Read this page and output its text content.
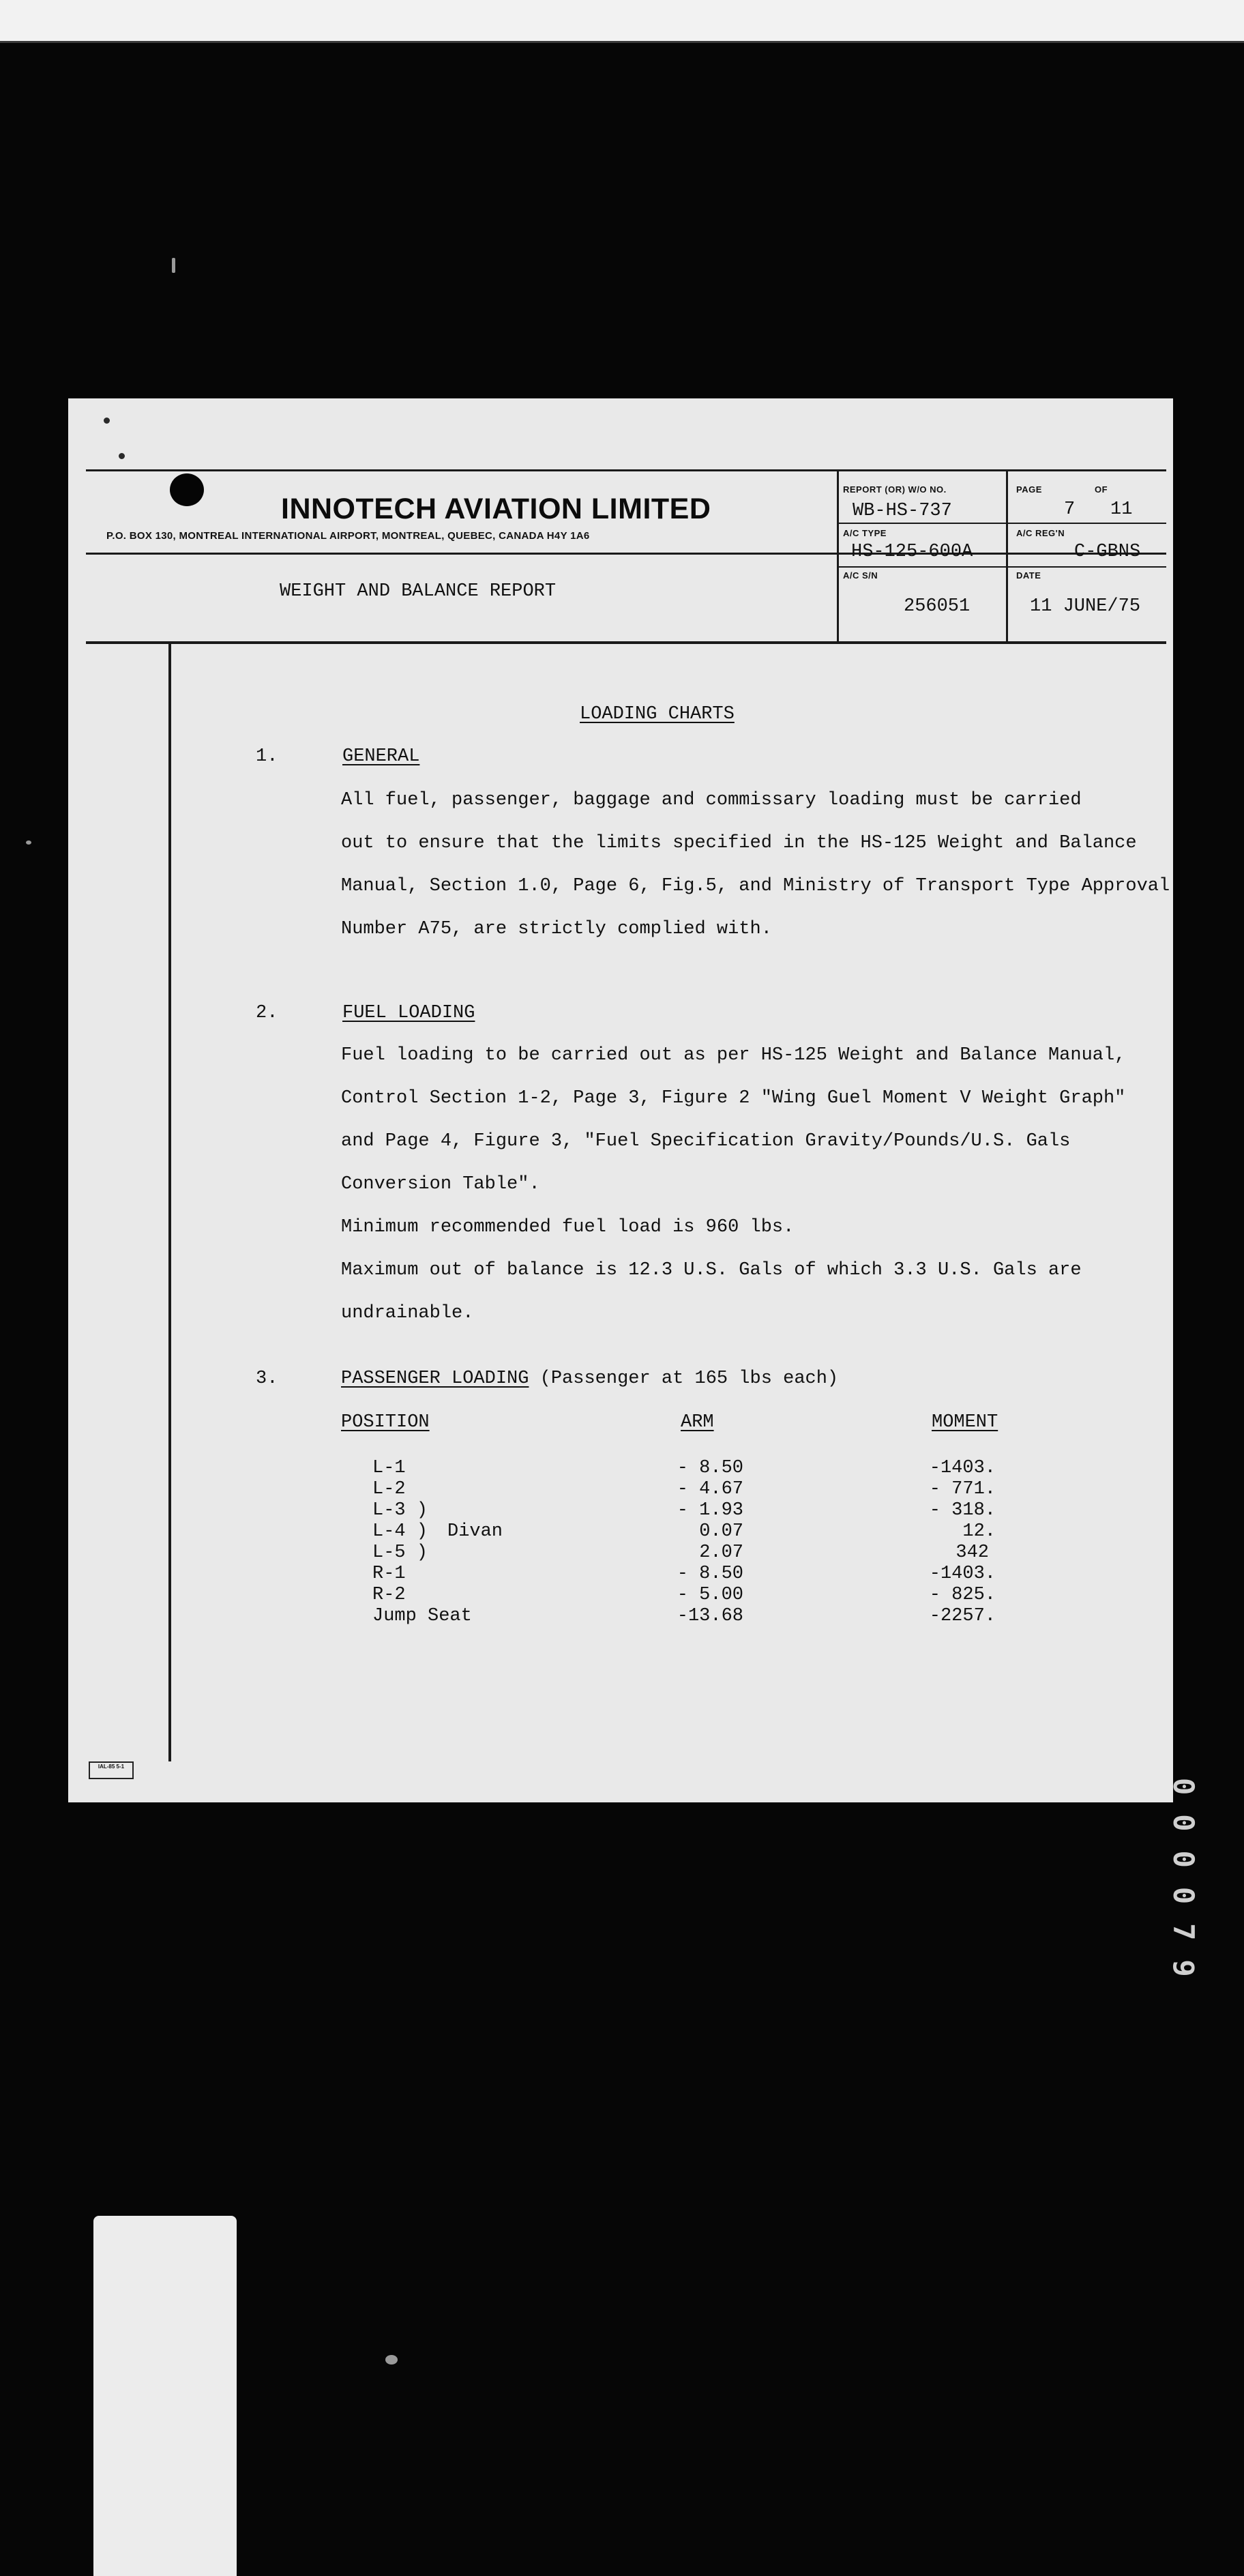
INNOTECH AVIATION LIMITED
P.O. BOX 130, MONTREAL INTERNATIONAL AIRPORT, MONTREAL, QUEBEC, CANADA H4Y 1A6
WEIGHT AND BALANCE REPORT
REPORT (OR) W/O NO.
WB-HS-737
PAGE	OF
7 11
A/C TYPE
HS-125-600A
A/C REG'N
C-GBNS
A/C S/N
256051
DATE
11 JUNE/75
LOADING CHARTS
1.	GENERAL
All fuel, passenger, baggage and commissary loading must be carried
out to ensure that the limits specified in the HS-125 Weight and Balance
Manual, Section 1.0, Page 6, Fig.5, and Ministry of Transport Type Approval
Number A75, are strictly complied with.
2.	FUEL LOADING
Fuel loading to be carried out as per HS-125 Weight and Balance Manual,
Control Section 1-2, Page 3, Figure 2 "Wing Guel Moment V Weight Graph"
and Page 4, Figure 3, "Fuel Specification Gravity/Pounds/U.S. Gals
Conversion Table".
Minimum recommended fuel load is 960 lbs.
Maximum out of balance is 12.3 U.S. Gals of which 3.3 U.S. Gals are
undrainable.
3.	PASSENGER LOADING (Passenger at 165 lbs each)
POSITION	ARM	MOMENT
L-1	- 8.50	-1403.
L-2	- 4.67	- 771.
L-3 )	- 1.93	- 318.
L-4 ) Divan	0.07	12.
L-5 )	2.07	342
R-1	- 8.50	-1403.
R-2	- 5.00	- 825.
Jump Seat	-13.68	-2257.
IAL-85 5-1
000079
